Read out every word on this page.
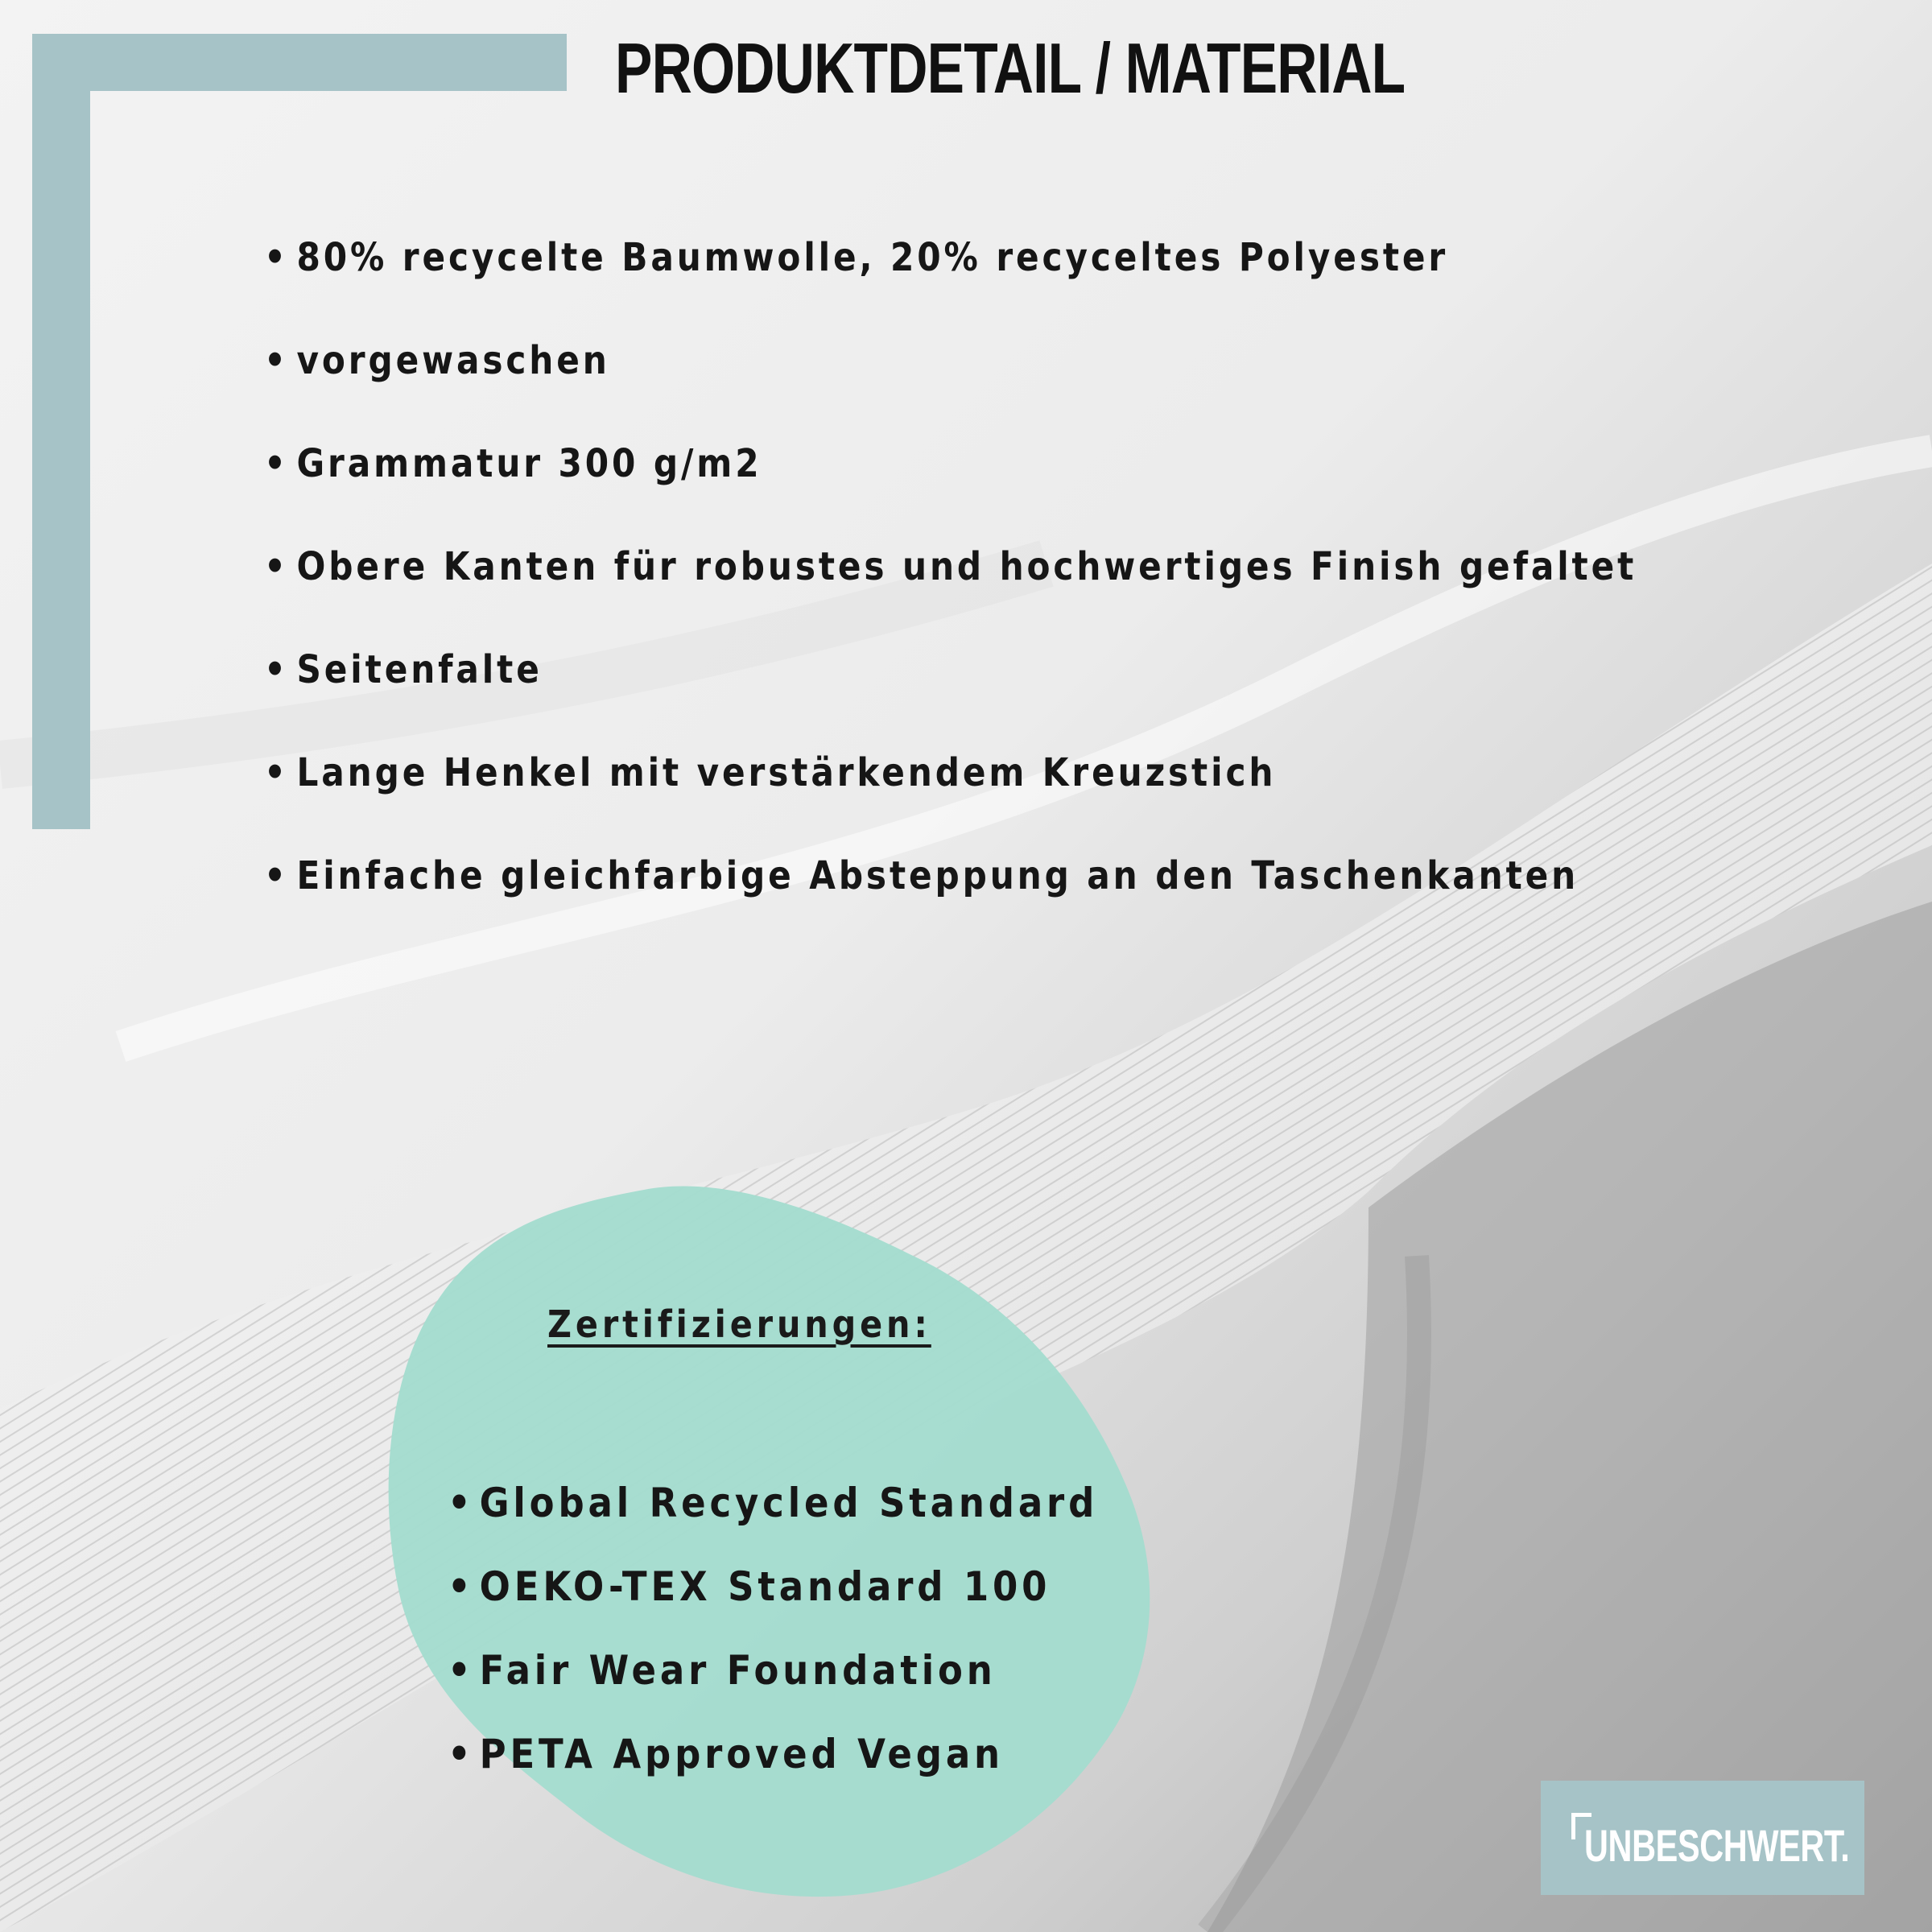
PRODUKTDETAIL / MATERIAL
• 80% recycelte Baumwolle, 20% recyceltes Polyester
• vorgewaschen
• Grammatur 300 g/m2
• Obere Kanten für robustes und hochwertiges Finish gefaltet
• Seitenfalte
• Lange Henkel mit verstärkendem Kreuzstich
• Einfache gleichfarbige Absteppung an den Taschenkanten
Zertifizierungen:
• Global Recycled Standard
• OEKO-TEX Standard 100
• Fair Wear Foundation
• PETA Approved Vegan
UNBESCHWERT.
